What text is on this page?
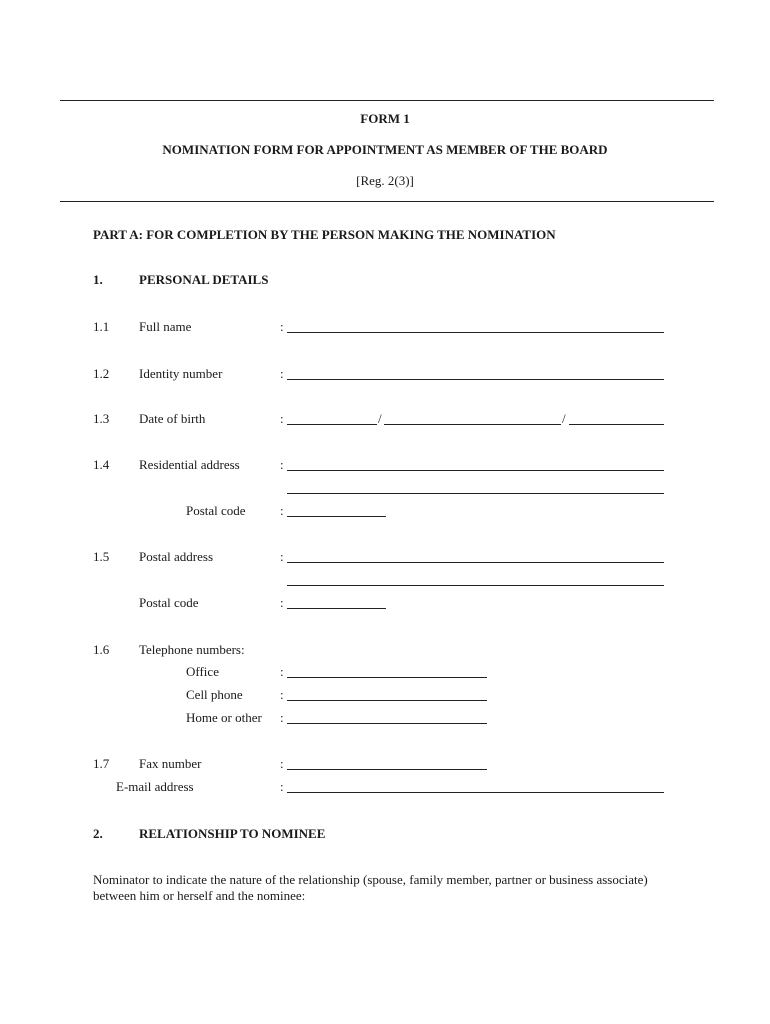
FORM 1
NOMINATION FORM FOR APPOINTMENT AS MEMBER OF THE BOARD
[Reg. 2(3)]
PART A: FOR COMPLETION BY THE PERSON MAKING THE NOMINATION
1.	PERSONAL DETAILS
1.1 Full name	:
1.2 Identity number	:
1.3 Date of birth	:	/	/
1.4 Residential address	:
Postal code	:
1.5 Postal address	:
Postal code	:
1.6 Telephone numbers:
Office	:
Cell phone	:
Home or other :
1.7 Fax number	:
E-mail address	:
2.	RELATIONSHIP TO NOMINEE
Nominator to indicate the nature of the relationship (spouse, family member, partner or business associate) between him or herself and the nominee:
